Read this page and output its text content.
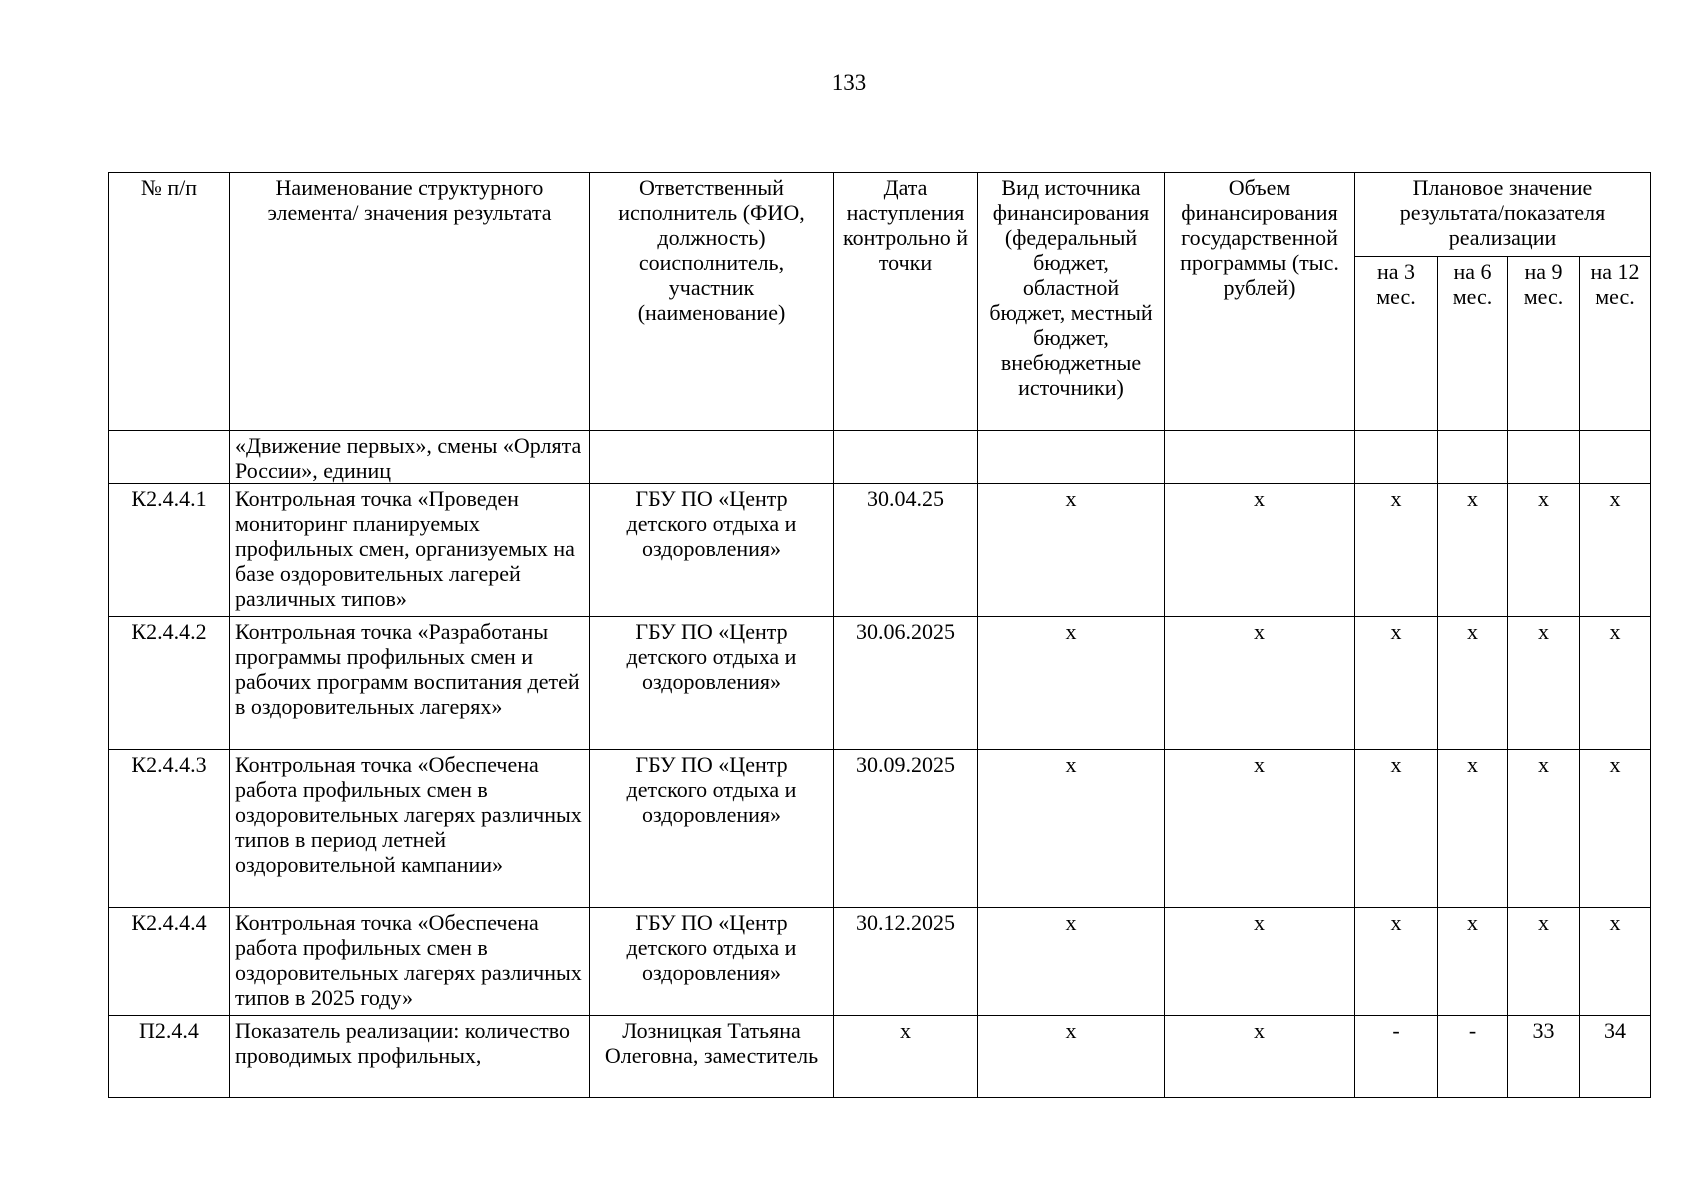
133
№ п/п	Наименование структурного элемента/ значения результата	Ответственный исполнитель (ФИО, должность) соисполнитель, участник (наименование)	Дата наступления контрольно й точки	Вид источника финансирования (федеральный бюджет, областной бюджет, местный бюджет, внебюджетные источники)	Объем финансирования государственной программы (тыс. рублей)	Плановое значение результата/показателя реализации			
						на 3 мес.	на 6 мес.	на 9 мес.	на 12 мес.
	«Движение первых», смены «Орлята России», единиц								
К2.4.4.1	Контрольная точка «Проведен мониторинг планируемых профильных смен, организуемых на базе оздоровительных лагерей различных типов»	ГБУ ПО «Центр детского отдыха и оздоровления»	30.04.25	х	х	х	х	х	х
К2.4.4.2	Контрольная точка «Разработаны программы профильных смен и рабочих программ воспитания детей в оздоровительных лагерях»	ГБУ ПО «Центр детского отдыха и оздоровления»	30.06.2025	х	х	х	х	х	х
К2.4.4.3	Контрольная точка «Обеспечена работа профильных смен в оздоровительных лагерях различных типов в период летней оздоровительной кампании»	ГБУ ПО «Центр детского отдыха и оздоровления»	30.09.2025	х	х	х	х	х	х
К2.4.4.4	Контрольная точка «Обеспечена работа профильных смен в оздоровительных лагерях различных типов в 2025 году»	ГБУ ПО «Центр детского отдыха и оздоровления»	30.12.2025	х	х	х	х	х	х
П2.4.4	Показатель реализации: количество проводимых профильных,	Лозницкая Татьяна Олеговна, заместитель	х	х	х	-	-	33	34
